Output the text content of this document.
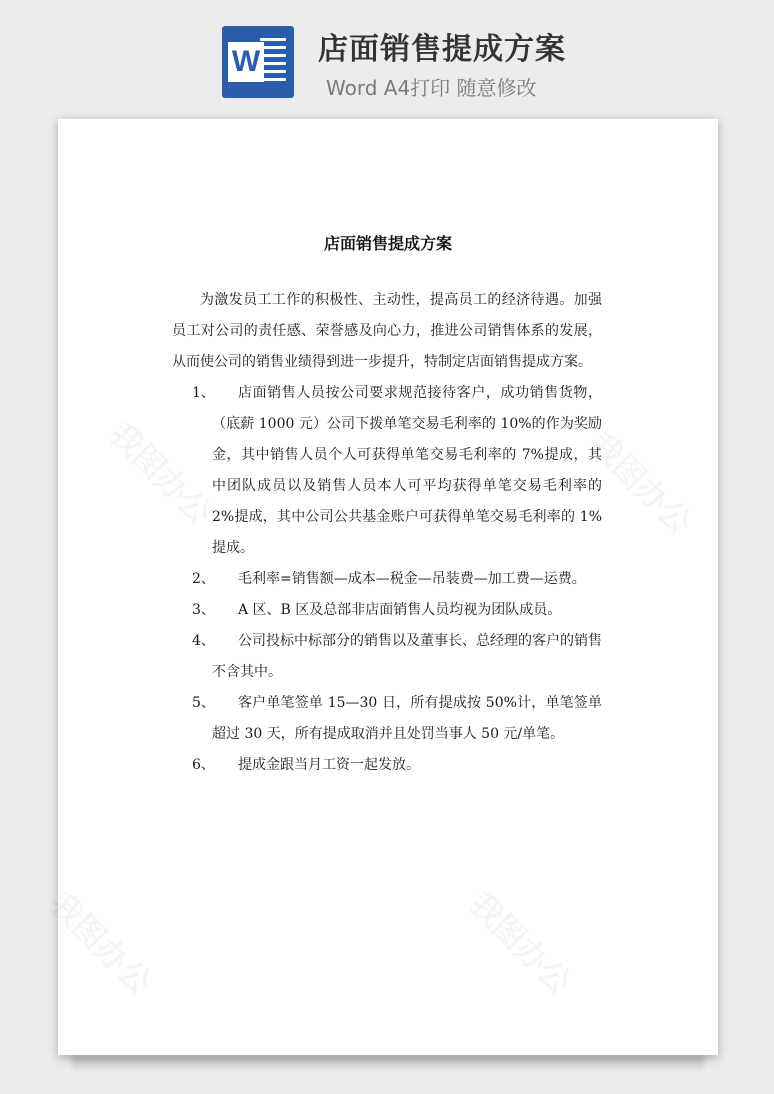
W 店面销售提成方案
Word A4打印 随意修改
店面销售提成方案

为激发员工工作的积极性、主动性，提高员工的经济待遇。加强员工对公司的责任感、荣誉感及向心力，推进公司销售体系的发展，从而使公司的销售业绩得到进一步提升，特制定店面销售提成方案。

1、	店面销售人员按公司要求规范接待客户，成功销售货物，（底薪 1000 元）公司下拨单笔交易毛利率的 10%的作为奖励金，其中销售人员个人可获得单笔交易毛利率的 7%提成，其中团队成员以及销售人员本人可平均获得单笔交易毛利率的 2%提成，其中公司公共基金账户可获得单笔交易毛利率的 1%提成。
2、	毛利率=销售额—成本—税金—吊装费—加工费—运费。
3、	A 区、B 区及总部非店面销售人员均视为团队成员。
4、	公司投标中标部分的销售以及董事长、总经理的客户的销售不含其中。
5、	客户单笔签单 15—30 日，所有提成按 50%计，单笔签单超过 30 天，所有提成取消并且处罚当事人 50 元/单笔。
6、	提成金跟当月工资一起发放。
